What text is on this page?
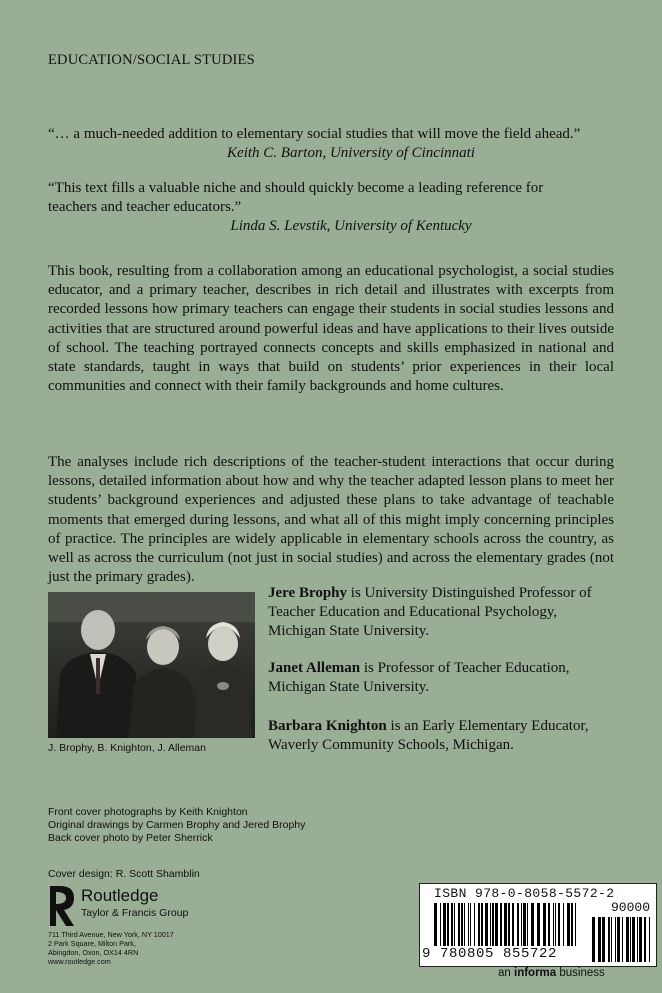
EDUCATION/SOCIAL STUDIES
“… a much-needed addition to elementary social studies that will move the field ahead.”
Keith C. Barton, University of Cincinnati
“This text fills a valuable niche and should quickly become a leading reference for
teachers and teacher educators.”
Linda S. Levstik, University of Kentucky
This book, resulting from a collaboration among an educational psychologist, a social studies educator, and a primary teacher, describes in rich detail and illustrates with excerpts from recorded lessons how primary teachers can engage their students in social studies lessons and activities that are structured around powerful ideas and have applications to their lives outside of school. The teaching portrayed connects concepts and skills emphasized in national and state standards, taught in ways that build on students’ prior experiences in their local communities and connect with their family backgrounds and home cultures.
The analyses include rich descriptions of the teacher-student interactions that occur during lessons, detailed information about how and why the teacher adapted lesson plans to meet her students’ background experiences and adjusted these plans to take advantage of teachable moments that emerged during lessons, and what all of this might imply concerning principles of practice. The principles are widely applicable in elementary schools across the country, as well as across the curriculum (not just in social studies) and across the elementary grades (not just the primary grades).
J. Brophy, B. Knighton, J. Alleman
Jere Brophy is University Distinguished Professor of Teacher Education and Educational Psychology, Michigan State University.
Janet Alleman is Professor of Teacher Education, Michigan State University.
Barbara Knighton is an Early Elementary Educator, Waverly Community Schools, Michigan.
Front cover photographs by Keith Knighton
Original drawings by Carmen Brophy and Jered Brophy
Back cover photo by Peter Sherrick
Cover design: R. Scott Shamblin
Routledge
Taylor & Francis Group
711 Third Avenue, New York, NY 10017
2 Park Square, Milton Park,
Abingdon, Oxon, OX14 4RN
www.routledge.com
ISBN 978-0-8058-5572-2
90000
9 780805 855722
an informa business
